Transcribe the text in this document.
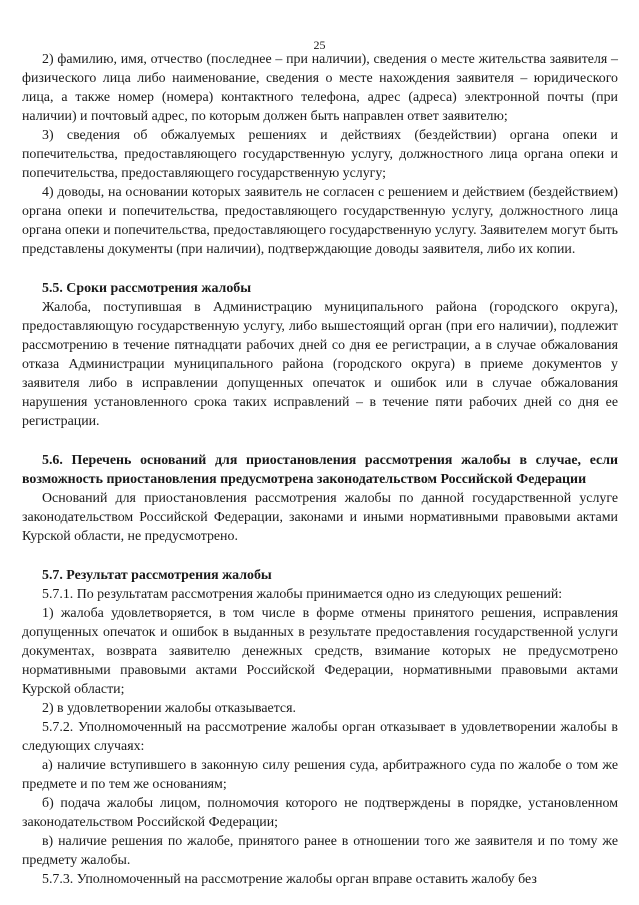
25

2) фамилию, имя, отчество (последнее – при наличии), сведения о месте жительства заявителя – физического лица либо наименование, сведения о месте нахождения заявителя – юридического лица, а также номер (номера) контактного телефона, адрес (адреса) электронной почты (при наличии) и почтовый адрес, по которым должен быть направлен ответ заявителю;

3) сведения об обжалуемых решениях и действиях (бездействии) органа опеки и попечительства, предоставляющего государственную услугу, должностного лица органа опеки и попечительства, предоставляющего государственную услугу;

4) доводы, на основании которых заявитель не согласен с решением и действием (бездействием) органа опеки и попечительства, предоставляющего государственную услугу, должностного лица органа опеки и попечительства, предоставляющего государственную услугу. Заявителем могут быть представлены документы (при наличии), подтверждающие доводы заявителя, либо их копии.

5.5. Сроки рассмотрения жалобы

Жалоба, поступившая в Администрацию муниципального района (городского округа), предоставляющую государственную услугу, либо вышестоящий орган (при его наличии), подлежит рассмотрению в течение пятнадцати рабочих дней со дня ее регистрации, а в случае обжалования отказа Администрации муниципального района (городского округа) в приеме документов у заявителя либо в исправлении допущенных опечаток и ошибок или в случае обжалования нарушения установленного срока таких исправлений – в течение пяти рабочих дней со дня ее регистрации.

5.6. Перечень оснований для приостановления рассмотрения жалобы в случае, если возможность приостановления предусмотрена законодательством Российской Федерации

Оснований для приостановления рассмотрения жалобы по данной государственной услуге законодательством Российской Федерации, законами и иными нормативными правовыми актами Курской области, не предусмотрено.

5.7. Результат рассмотрения жалобы

5.7.1. По результатам рассмотрения жалобы принимается одно из следующих решений:

1) жалоба удовлетворяется, в том числе в форме отмены принятого решения, исправления допущенных опечаток и ошибок в выданных в результате предоставления государственной услуги документах, возврата заявителю денежных средств, взимание которых не предусмотрено нормативными правовыми актами Российской Федерации, нормативными правовыми актами Курской области;

2) в удовлетворении жалобы отказывается.

5.7.2. Уполномоченный на рассмотрение жалобы орган отказывает в удовлетворении жалобы в следующих случаях:

а) наличие вступившего в законную силу решения суда, арбитражного суда по жалобе о том же предмете и по тем же основаниям;

б) подача жалобы лицом, полномочия которого не подтверждены в порядке, установленном законодательством Российской Федерации;

в) наличие решения по жалобе, принятого ранее в отношении того же заявителя и по тому же предмету жалобы.

5.7.3. Уполномоченный на рассмотрение жалобы орган вправе оставить жалобу без
